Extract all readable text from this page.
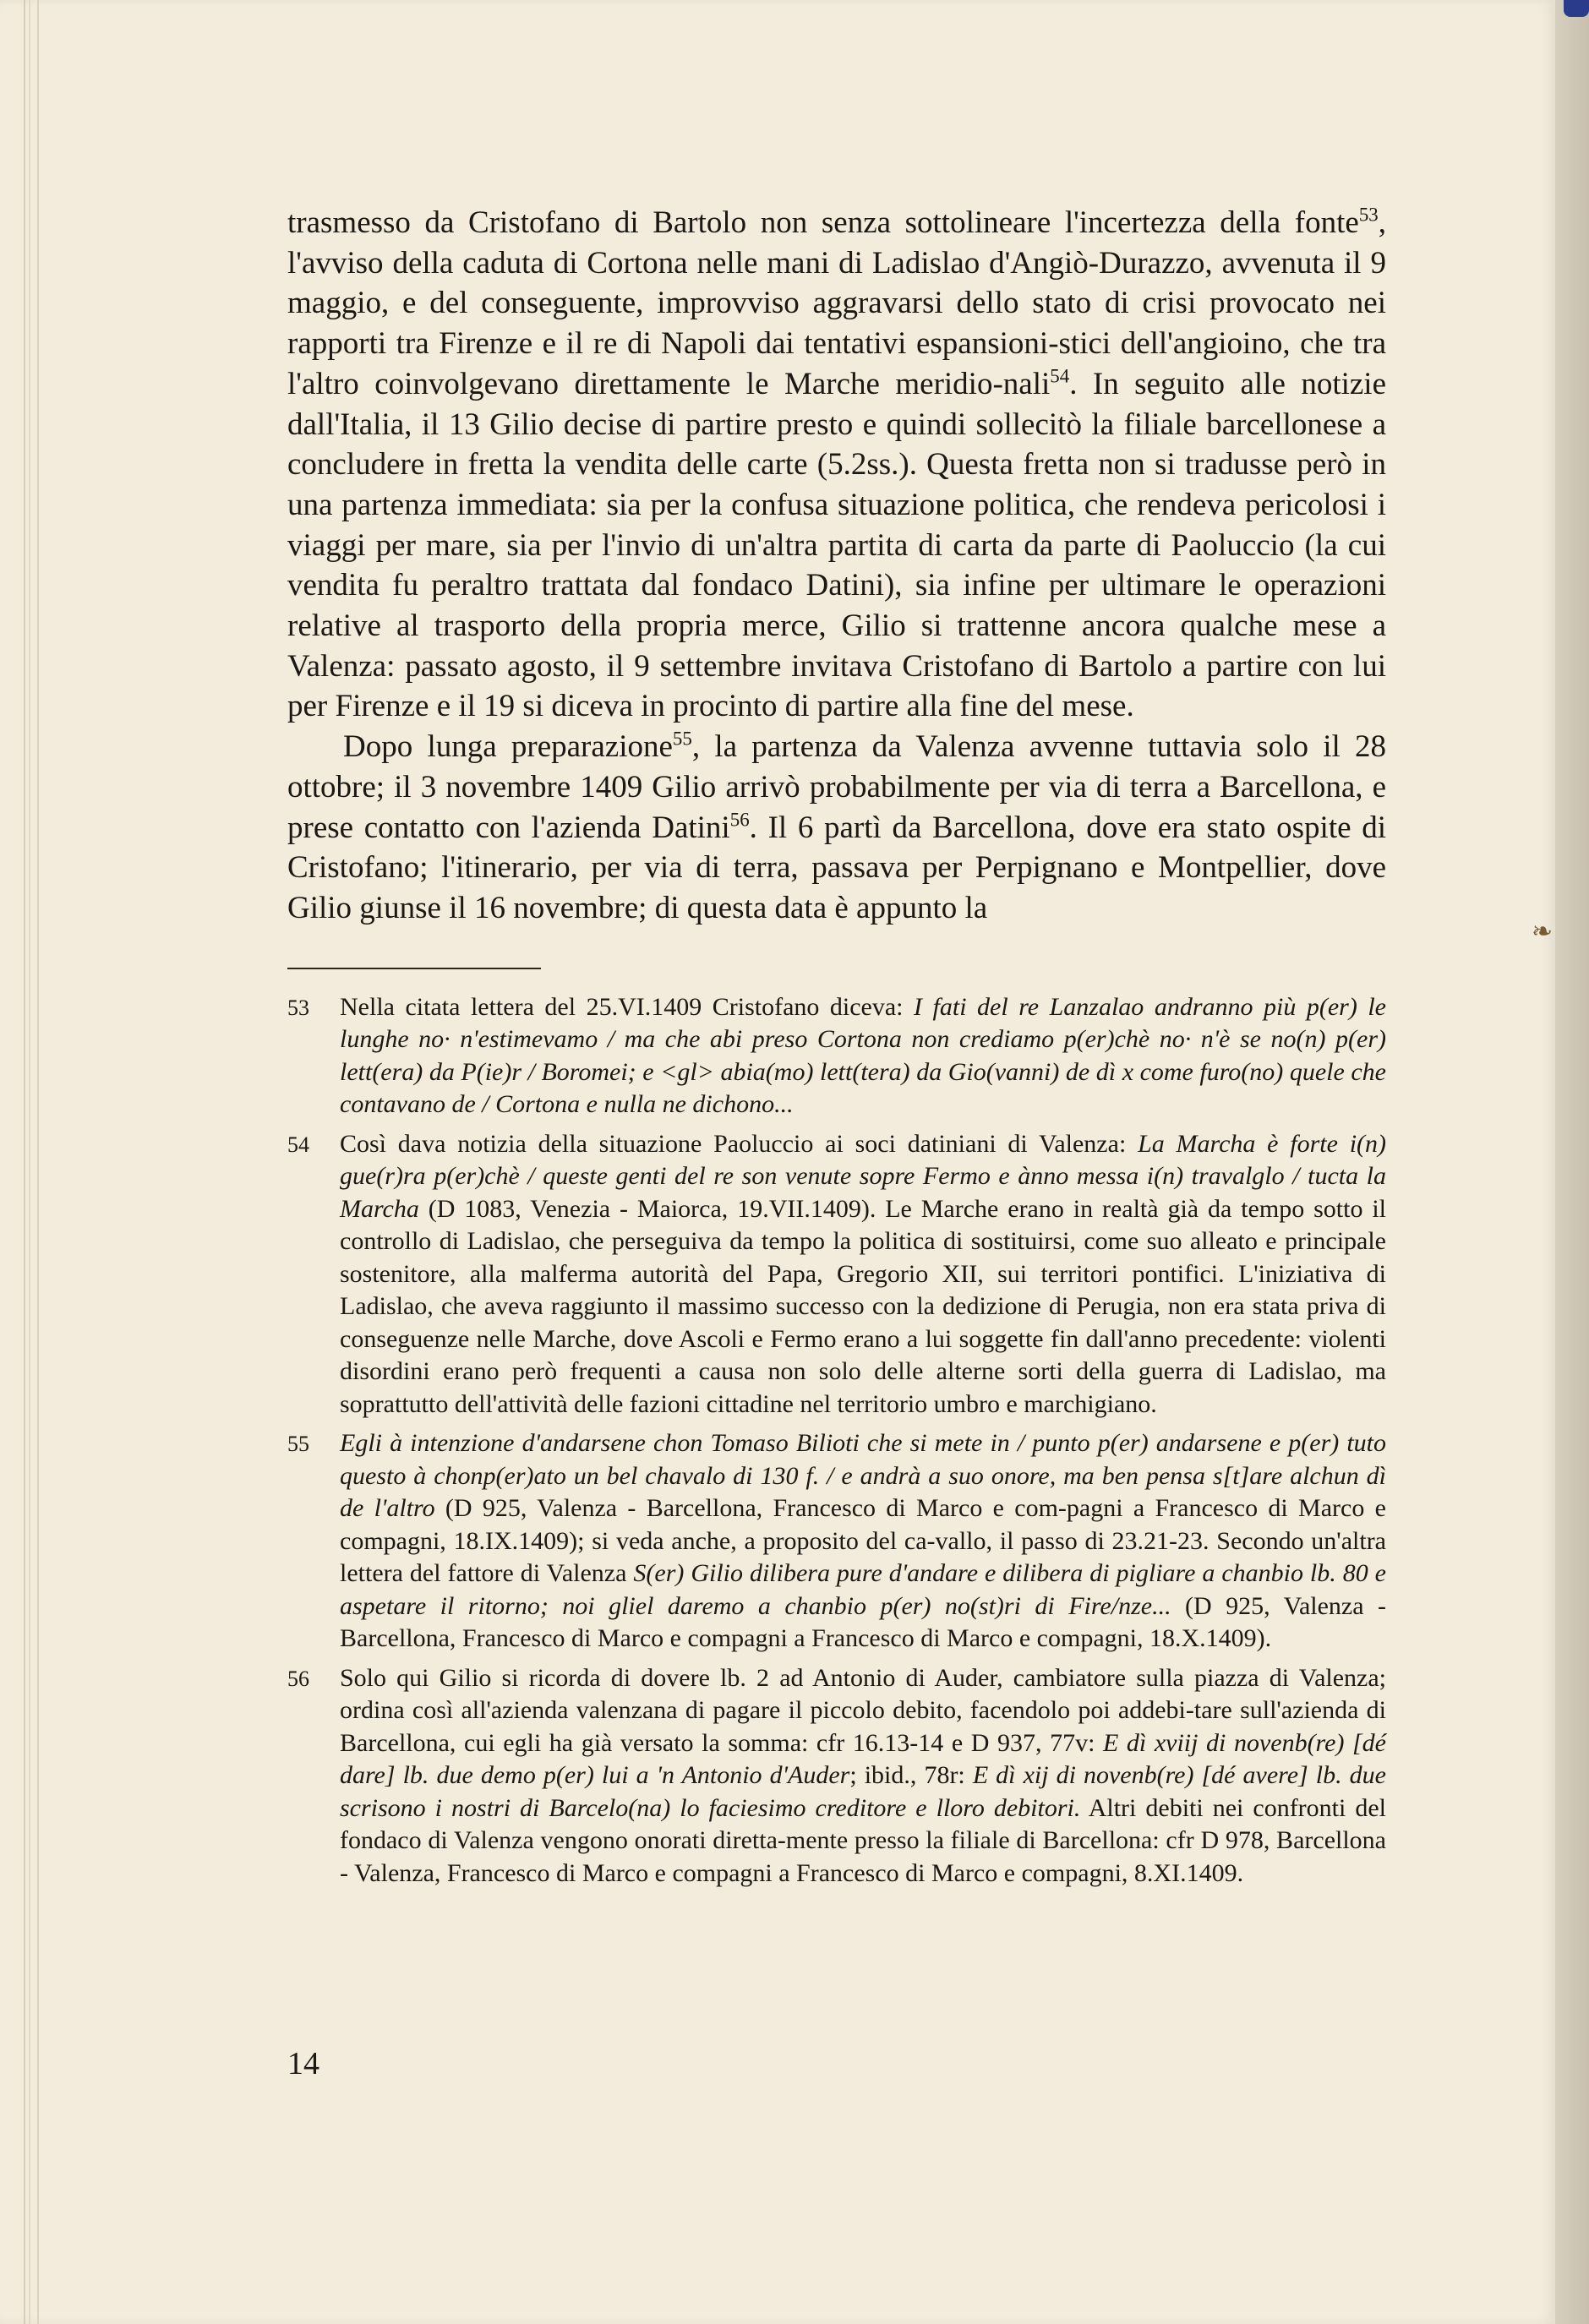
trasmesso da Cristofano di Bartolo non senza sottolineare l'incertezza della fonte$^{53}$, l'avviso della caduta di Cortona nelle mani di Ladislao d'Angiò-Durazzo, avvenuta il 9 maggio, e del conseguente, improvviso aggravarsi dello stato di crisi provocato nei rapporti tra Firenze e il re di Napoli dai tentativi espansioni-stici dell'angioino, che tra l'altro coinvolgevano direttamente le Marche meridio-nali$^{54}$. In seguito alle notizie dall'Italia, il 13 Gilio decise di partire presto e quindi sollecitò la filiale barcellonese a concludere in fretta la vendita delle carte (5.2ss.). Questa fretta non si tradusse però in una partenza immediata: sia per la confusa situazione politica, che rendeva pericolosi i viaggi per mare, sia per l'invio di un'altra partita di carta da parte di Paoluccio (la cui vendita fu peraltro trattata dal fondaco Datini), sia infine per ultimare le operazioni relative al trasporto della propria merce, Gilio si trattenne ancora qualche mese a Valenza: passato agosto, il 9 settembre invitava Cristofano di Bartolo a partire con lui per Firenze e il 19 si diceva in procinto di partire alla fine del mese.

Dopo lunga preparazione$^{55}$, la partenza da Valenza avvenne tuttavia solo il 28 ottobre; il 3 novembre 1409 Gilio arrivò probabilmente per via di terra a Barcellona, e prese contatto con l'azienda Datini$^{56}$. Il 6 partì da Barcellona, dove era stato ospite di Cristofano; l'itinerario, per via di terra, passava per Perpignano e Montpellier, dove Gilio giunse il 16 novembre; di questa data è appunto la

53	Nella citata lettera del 25.VI.1409 Cristofano diceva: I fati del re Lanzalao andranno più p(er) le lunghe no· n'estimevamo / ma che abi preso Cortona non crediamo p(er)chè no· n'è se no(n) p(er) lett(era) da P(ie)r / Boromei; e <gl> abia(mo) lett(tera) da Gio(vanni) de dì x come furo(no) quele che contavano de / Cortona e nulla ne dichono...
54	Così dava notizia della situazione Paoluccio ai soci datiniani di Valenza: La Marcha è forte i(n) gue(r)ra p(er)chè / queste genti del re son venute sopre Fermo e ànno messa i(n) travalglo / tucta la Marcha (D 1083, Venezia - Maiorca, 19.VII.1409). Le Marche erano in realtà già da tempo sotto il controllo di Ladislao, che perseguiva da tempo la politica di sostituirsi, come suo alleato e principale sostenitore, alla malferma autorità del Papa, Gregorio XII, sui territori pontifici. L'iniziativa di Ladislao, che aveva raggiunto il massimo successo con la dedizione di Perugia, non era stata priva di conseguenze nelle Marche, dove Ascoli e Fermo erano a lui soggette fin dall'anno precedente: violenti disordini erano però frequenti a causa non solo delle alterne sorti della guerra di Ladislao, ma soprattutto dell'attività delle fazioni cittadine nel territorio umbro e marchigiano.
55	Egli à intenzione d'andarsene chon Tomaso Bilioti che si mete in / punto p(er) andarsene e p(er) tuto questo à chonp(er)ato un bel chavalo di 130 f. / e andrà a suo onore, ma ben pensa s[t]are alchun dì de l'altro (D 925, Valenza - Barcellona, Francesco di Marco e com-pagni a Francesco di Marco e compagni, 18.IX.1409); si veda anche, a proposito del ca-vallo, il passo di 23.21-23. Secondo un'altra lettera del fattore di Valenza S(er) Gilio dilibera pure d'andare e dilibera di pigliare a chanbio lb. 80 e aspetare il ritorno; noi gliel daremo a chanbio p(er) no(st)ri di Fire/nze... (D 925, Valenza - Barcellona, Francesco di Marco e compagni a Francesco di Marco e compagni, 18.X.1409).
56	Solo qui Gilio si ricorda di dovere lb. 2 ad Antonio di Auder, cambiatore sulla piazza di Valenza; ordina così all'azienda valenzana di pagare il piccolo debito, facendolo poi addebi-tare sull'azienda di Barcellona, cui egli ha già versato la somma: cfr 16.13-14 e D 937, 77v: E dì xviij di novenb(re) [dé dare] lb. due demo p(er) lui a 'n Antonio d'Auder; ibid., 78r: E dì xij di novenb(re) [dé avere] lb. due scrisono i nostri di Barcelo(na) lo faciesimo creditore e lloro debitori. Altri debiti nei confronti del fondaco di Valenza vengono onorati diretta-mente presso la filiale di Barcellona: cfr D 978, Barcellona - Valenza, Francesco di Marco e compagni a Francesco di Marco e compagni, 8.XI.1409.
14
❧
